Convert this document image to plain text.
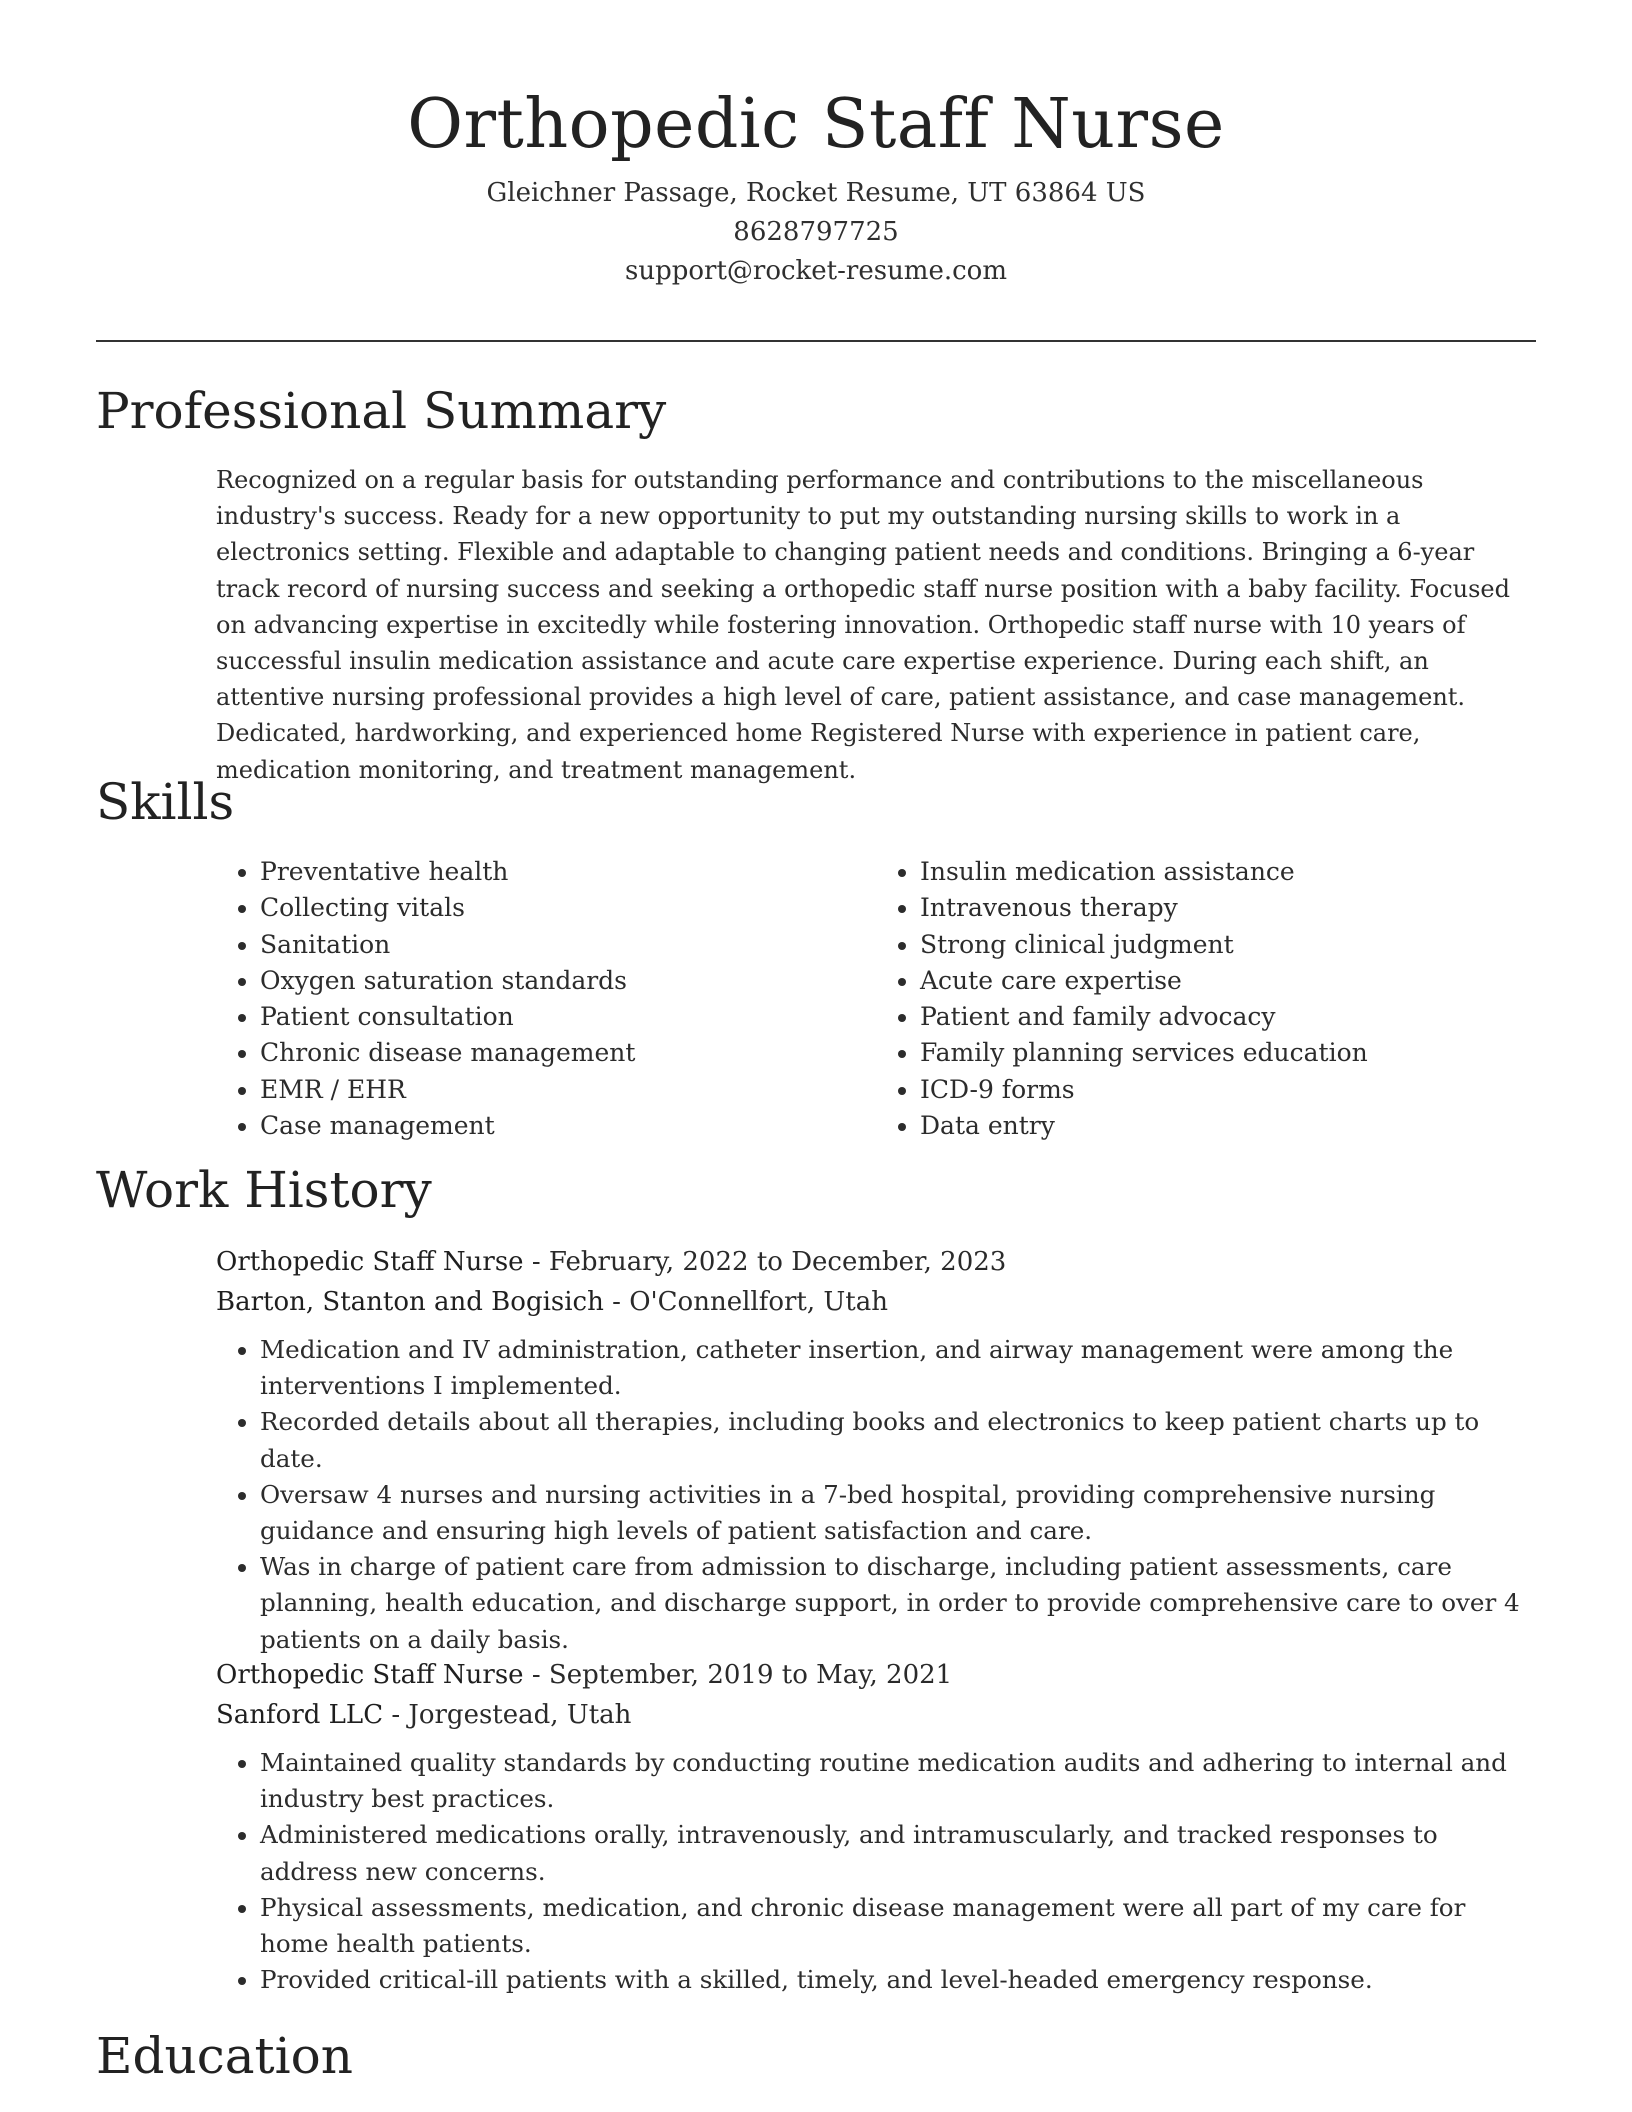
Orthopedic Staff Nurse
Gleichner Passage, Rocket Resume, UT 63864 US
8628797725
support@rocket-resume.com
Professional Summary

Recognized on a regular basis for outstanding performance and contributions to the miscellaneous industry's success. Ready for a new opportunity to put my outstanding nursing skills to work in a electronics setting. Flexible and adaptable to changing patient needs and conditions. Bringing a 6-year track record of nursing success and seeking a orthopedic staff nurse position with a baby facility. Focused on advancing expertise in excitedly while fostering innovation. Orthopedic staff nurse with 10 years of successful insulin medication assistance and acute care expertise experience. During each shift, an attentive nursing professional provides a high level of care, patient assistance, and case management. Dedicated, hardworking, and experienced home Registered Nurse with experience in patient care, medication monitoring, and treatment management.

Skills
• Preventative health
• Collecting vitals
• Sanitation
• Oxygen saturation standards
• Patient consultation
• Chronic disease management
• EMR / EHR
• Case management
• Insulin medication assistance
• Intravenous therapy
• Strong clinical judgment
• Acute care expertise
• Patient and family advocacy
• Family planning services education
• ICD-9 forms
• Data entry
Work History
Orthopedic Staff Nurse - February, 2022 to December, 2023
Barton, Stanton and Bogisich - O'Connellfort, Utah
• Medication and IV administration, catheter insertion, and airway management were among the interventions I implemented.
• Recorded details about all therapies, including books and electronics to keep patient charts up to date.
• Oversaw 4 nurses and nursing activities in a 7-bed hospital, providing comprehensive nursing guidance and ensuring high levels of patient satisfaction and care.
• Was in charge of patient care from admission to discharge, including patient assessments, care planning, health education, and discharge support, in order to provide comprehensive care to over 4 patients on a daily basis.
Orthopedic Staff Nurse - September, 2019 to May, 2021
Sanford LLC - Jorgestead, Utah
• Maintained quality standards by conducting routine medication audits and adhering to internal and industry best practices.
• Administered medications orally, intravenously, and intramuscularly, and tracked responses to address new concerns.
• Physical assessments, medication, and chronic disease management were all part of my care for home health patients.
• Provided critical-ill patients with a skilled, timely, and level-headed emergency response.
Education
